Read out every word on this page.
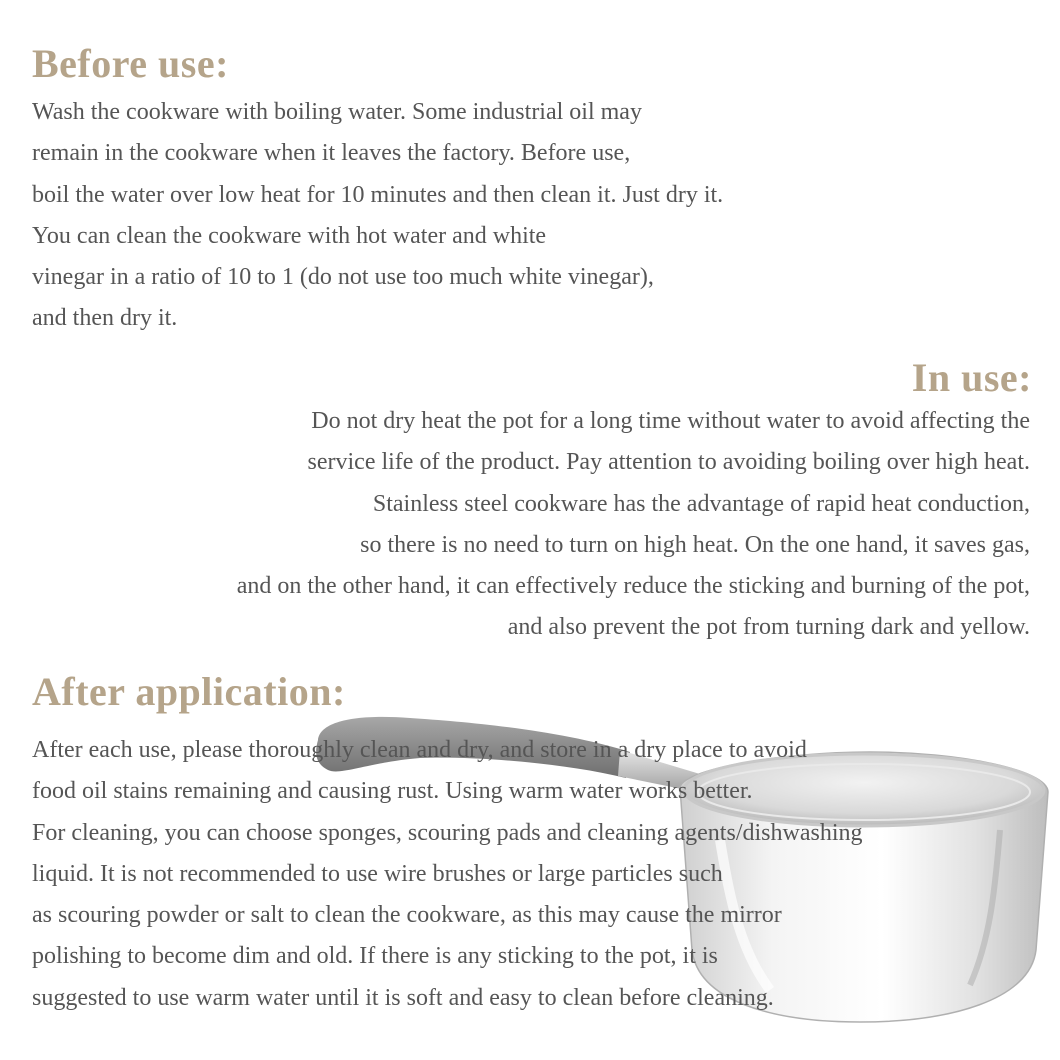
Before use:
Wash the cookware with boiling water. Some industrial oil may
remain in the cookware when it leaves the factory. Before use,
boil the water over low heat for 10 minutes and then clean it. Just dry it.
You can clean the cookware with hot water and white
vinegar in a ratio of 10 to 1 (do not use too much white vinegar),
and then dry it.
In use:
Do not dry heat the pot for a long time without water to avoid affecting the
service life of the product. Pay attention to avoiding boiling over high heat.
Stainless steel cookware has the advantage of rapid heat conduction,
so there is no need to turn on high heat. On the one hand, it saves gas,
and on the other hand, it can effectively reduce the sticking and burning of the pot,
and also prevent the pot from turning dark and yellow.
After application:
After each use, please thoroughly clean and dry, and store in a dry place to avoid
food oil stains remaining and causing rust. Using warm water works better.
For cleaning, you can choose sponges, scouring pads and cleaning agents/dishwashing
liquid. It is not recommended to use wire brushes or large particles such
as scouring powder or salt to clean the cookware, as this may cause the mirror
polishing to become dim and old. If there is any sticking to the pot, it is
suggested to use warm water until it is soft and easy to clean before cleaning.
